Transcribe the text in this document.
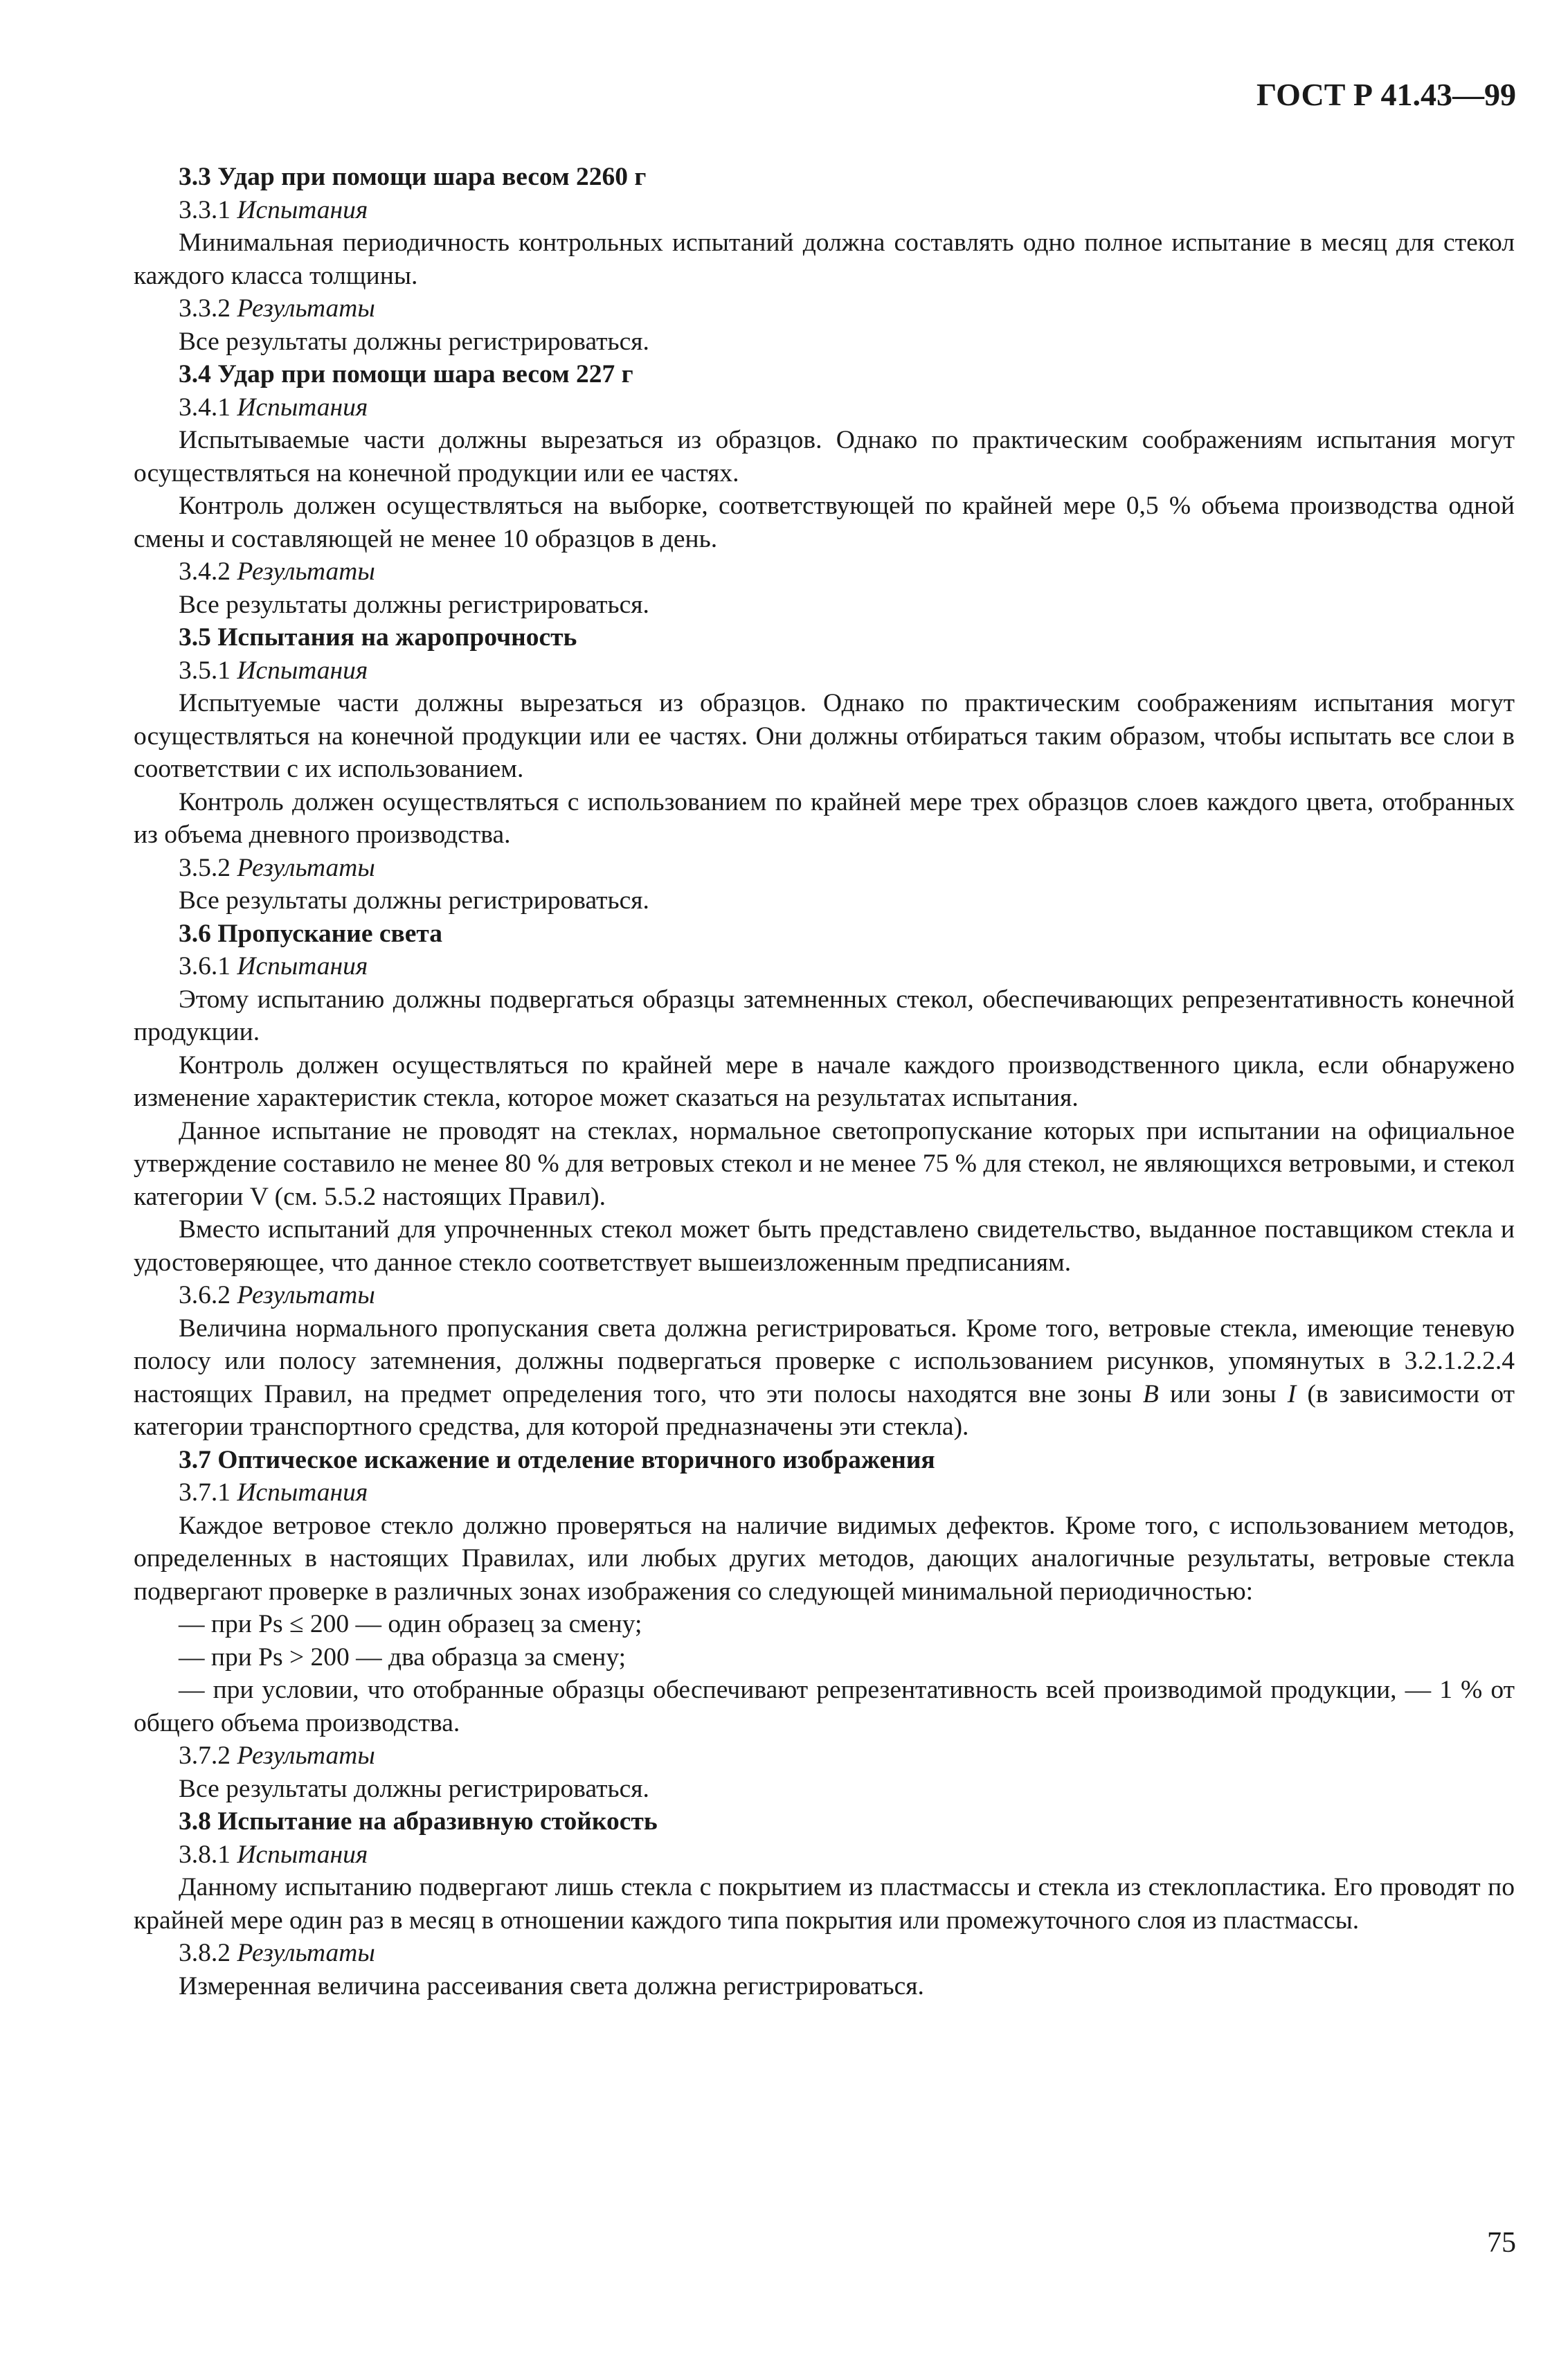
ГОСТ Р 41.43—99

3.3 Удар при помощи шара весом 2260 г

3.3.1 Испытания

Минимальная периодичность контрольных испытаний должна составлять одно полное испытание в месяц для стекол каждого класса толщины.

3.3.2 Результаты

Все результаты должны регистрироваться.

3.4 Удар при помощи шара весом 227 г

3.4.1 Испытания

Испытываемые части должны вырезаться из образцов. Однако по практическим соображениям испытания могут осуществляться на конечной продукции или ее частях.

Контроль должен осуществляться на выборке, соответствующей по крайней мере 0,5 % объема производства одной смены и составляющей не менее 10 образцов в день.

3.4.2 Результаты

Все результаты должны регистрироваться.

3.5 Испытания на жаропрочность

3.5.1 Испытания

Испытуемые части должны вырезаться из образцов. Однако по практическим соображениям испытания могут осуществляться на конечной продукции или ее частях. Они должны отбираться таким образом, чтобы испытать все слои в соответствии с их использованием.

Контроль должен осуществляться с использованием по крайней мере трех образцов слоев каждого цвета, отобранных из объема дневного производства.

3.5.2 Результаты

Все результаты должны регистрироваться.

3.6 Пропускание света

3.6.1 Испытания

Этому испытанию должны подвергаться образцы затемненных стекол, обеспечивающих репрезентативность конечной продукции.

Контроль должен осуществляться по крайней мере в начале каждого производственного цикла, если обнаружено изменение характеристик стекла, которое может сказаться на результатах испытания.

Данное испытание не проводят на стеклах, нормальное светопропускание которых при испытании на официальное утверждение составило не менее 80 % для ветровых стекол и не менее 75 % для стекол, не являющихся ветровыми, и стекол категории V (см. 5.5.2 настоящих Правил).

Вместо испытаний для упрочненных стекол может быть представлено свидетельство, выданное поставщиком стекла и удостоверяющее, что данное стекло соответствует вышеизложенным предписаниям.

3.6.2 Результаты

Величина нормального пропускания света должна регистрироваться. Кроме того, ветровые стекла, имеющие теневую полосу или полосу затемнения, должны подвергаться проверке с использованием рисунков, упомянутых в 3.2.1.2.2.4 настоящих Правил, на предмет определения того, что эти полосы находятся вне зоны B или зоны I (в зависимости от категории транспортного средства, для которой предназначены эти стекла).

3.7 Оптическое искажение и отделение вторичного изображения

3.7.1 Испытания

Каждое ветровое стекло должно проверяться на наличие видимых дефектов. Кроме того, с использованием методов, определенных в настоящих Правилах, или любых других методов, дающих аналогичные результаты, ветровые стекла подвергают проверке в различных зонах изображения со следующей минимальной периодичностью:

— при Ps ≤ 200 — один образец за смену;

— при Ps > 200 — два образца за смену;

— при условии, что отобранные образцы обеспечивают репрезентативность всей производимой продукции, — 1 % от общего объема производства.

3.7.2 Результаты

Все результаты должны регистрироваться.

3.8 Испытание на абразивную стойкость

3.8.1 Испытания

Данному испытанию подвергают лишь стекла с покрытием из пластмассы и стекла из стеклопластика. Его проводят по крайней мере один раз в месяц в отношении каждого типа покрытия или промежуточного слоя из пластмассы.

3.8.2 Результаты

Измеренная величина рассеивания света должна регистрироваться.

75
